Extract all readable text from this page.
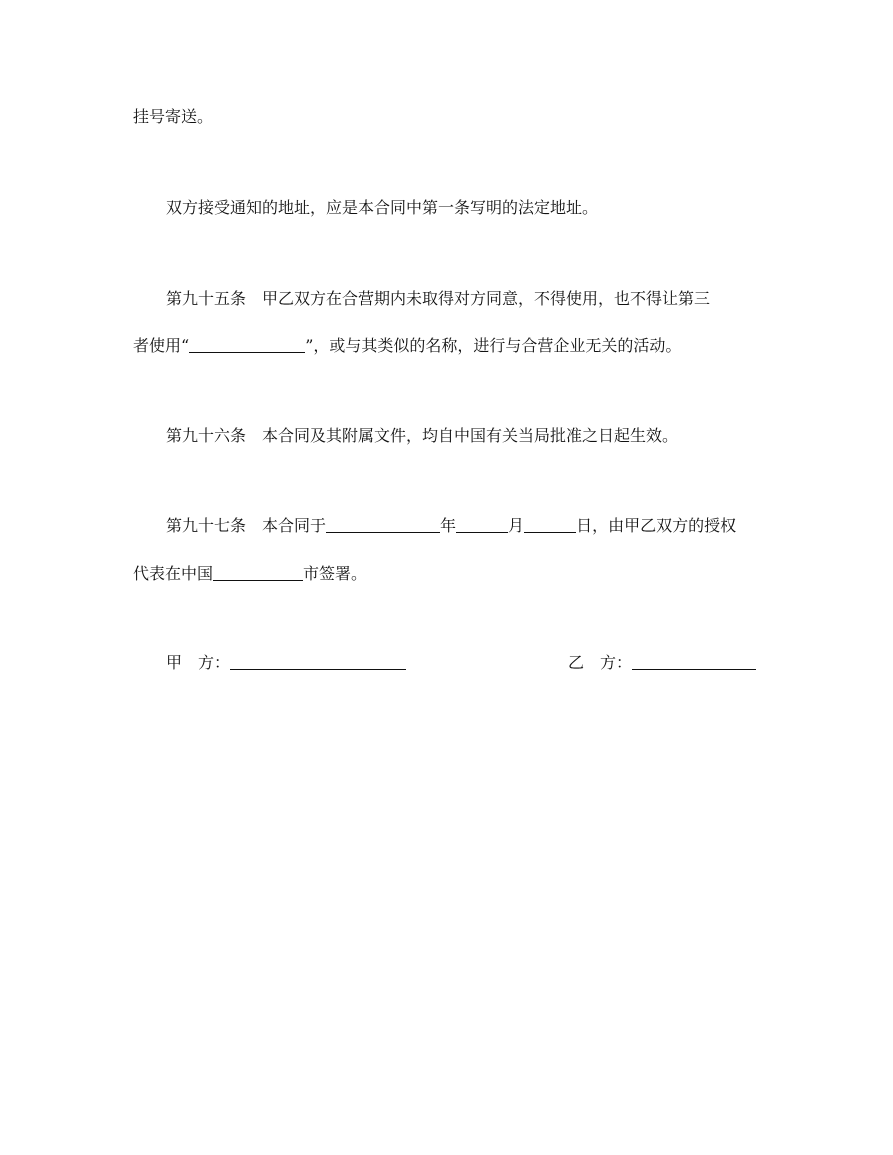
挂号寄送。
双方接受通知的地址，应是本合同中第一条写明的法定地址。
第九十五条 甲乙双方在合营期内未取得对方同意，不得使用，也不得让第三
者使用“	”，或与其类似的名称，进行与合营企业无关的活动。
第九十六条 本合同及其附属文件，均自中国有关当局批准之日起生效。
第九十七条 本合同于	年	月	日，由甲乙双方的授权
代表在中国	市签署。
甲　方：	乙　方：
